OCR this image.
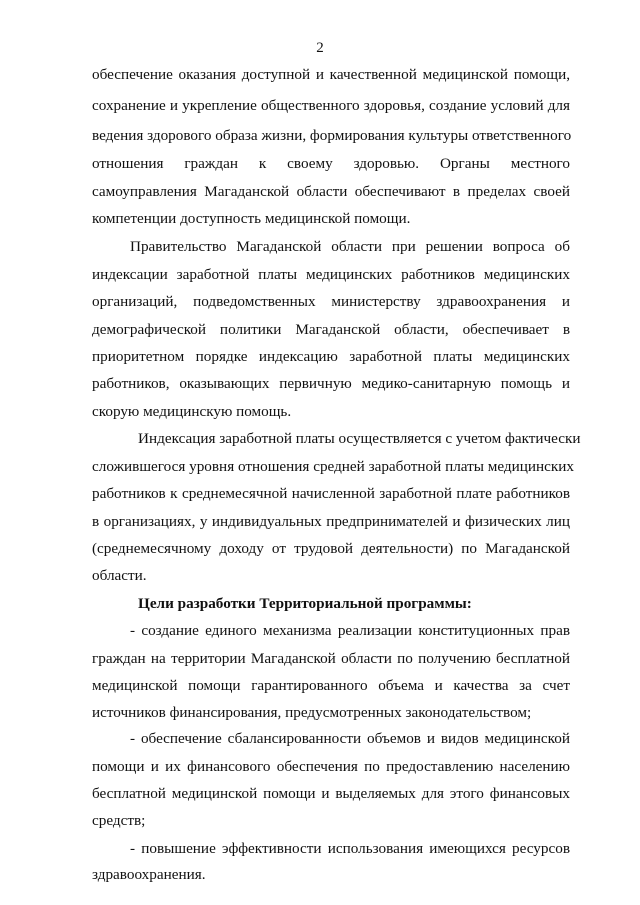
2
обеспечение оказания доступной и качественной медицинской помощи,
сохранение и укрепление общественного здоровья, создание условий для
ведения здорового образа жизни, формирования культуры ответственного
отношения граждан к своему здоровью. Органы местного
самоуправления Магаданской области обеспечивают в пределах своей
компетенции доступность медицинской помощи.
Правительство Магаданской области при решении вопроса об
индексации заработной платы медицинских работников медицинских
организаций, подведомственных министерству здравоохранения и
демографической политики Магаданской области, обеспечивает в
приоритетном порядке индексацию заработной платы медицинских
работников, оказывающих первичную медико-санитарную помощь и
скорую медицинскую помощь.
Индексация заработной платы осуществляется с учетом фактически
сложившегося уровня отношения средней заработной платы медицинских
работников к среднемесячной начисленной заработной плате работников
в организациях, у индивидуальных предпринимателей и физических лиц
(среднемесячному доходу от трудовой деятельности) по Магаданской
области.
Цели разработки Территориальной программы:
- создание единого механизма реализации конституционных прав
граждан на территории Магаданской области по получению бесплатной
медицинской помощи гарантированного объема и качества за счет
источников финансирования, предусмотренных законодательством;
- обеспечение сбалансированности объемов и видов медицинской
помощи и их финансового обеспечения по предоставлению населению
бесплатной медицинской помощи и выделяемых для этого финансовых
средств;
- повышение эффективности использования имеющихся ресурсов
здравоохранения.
